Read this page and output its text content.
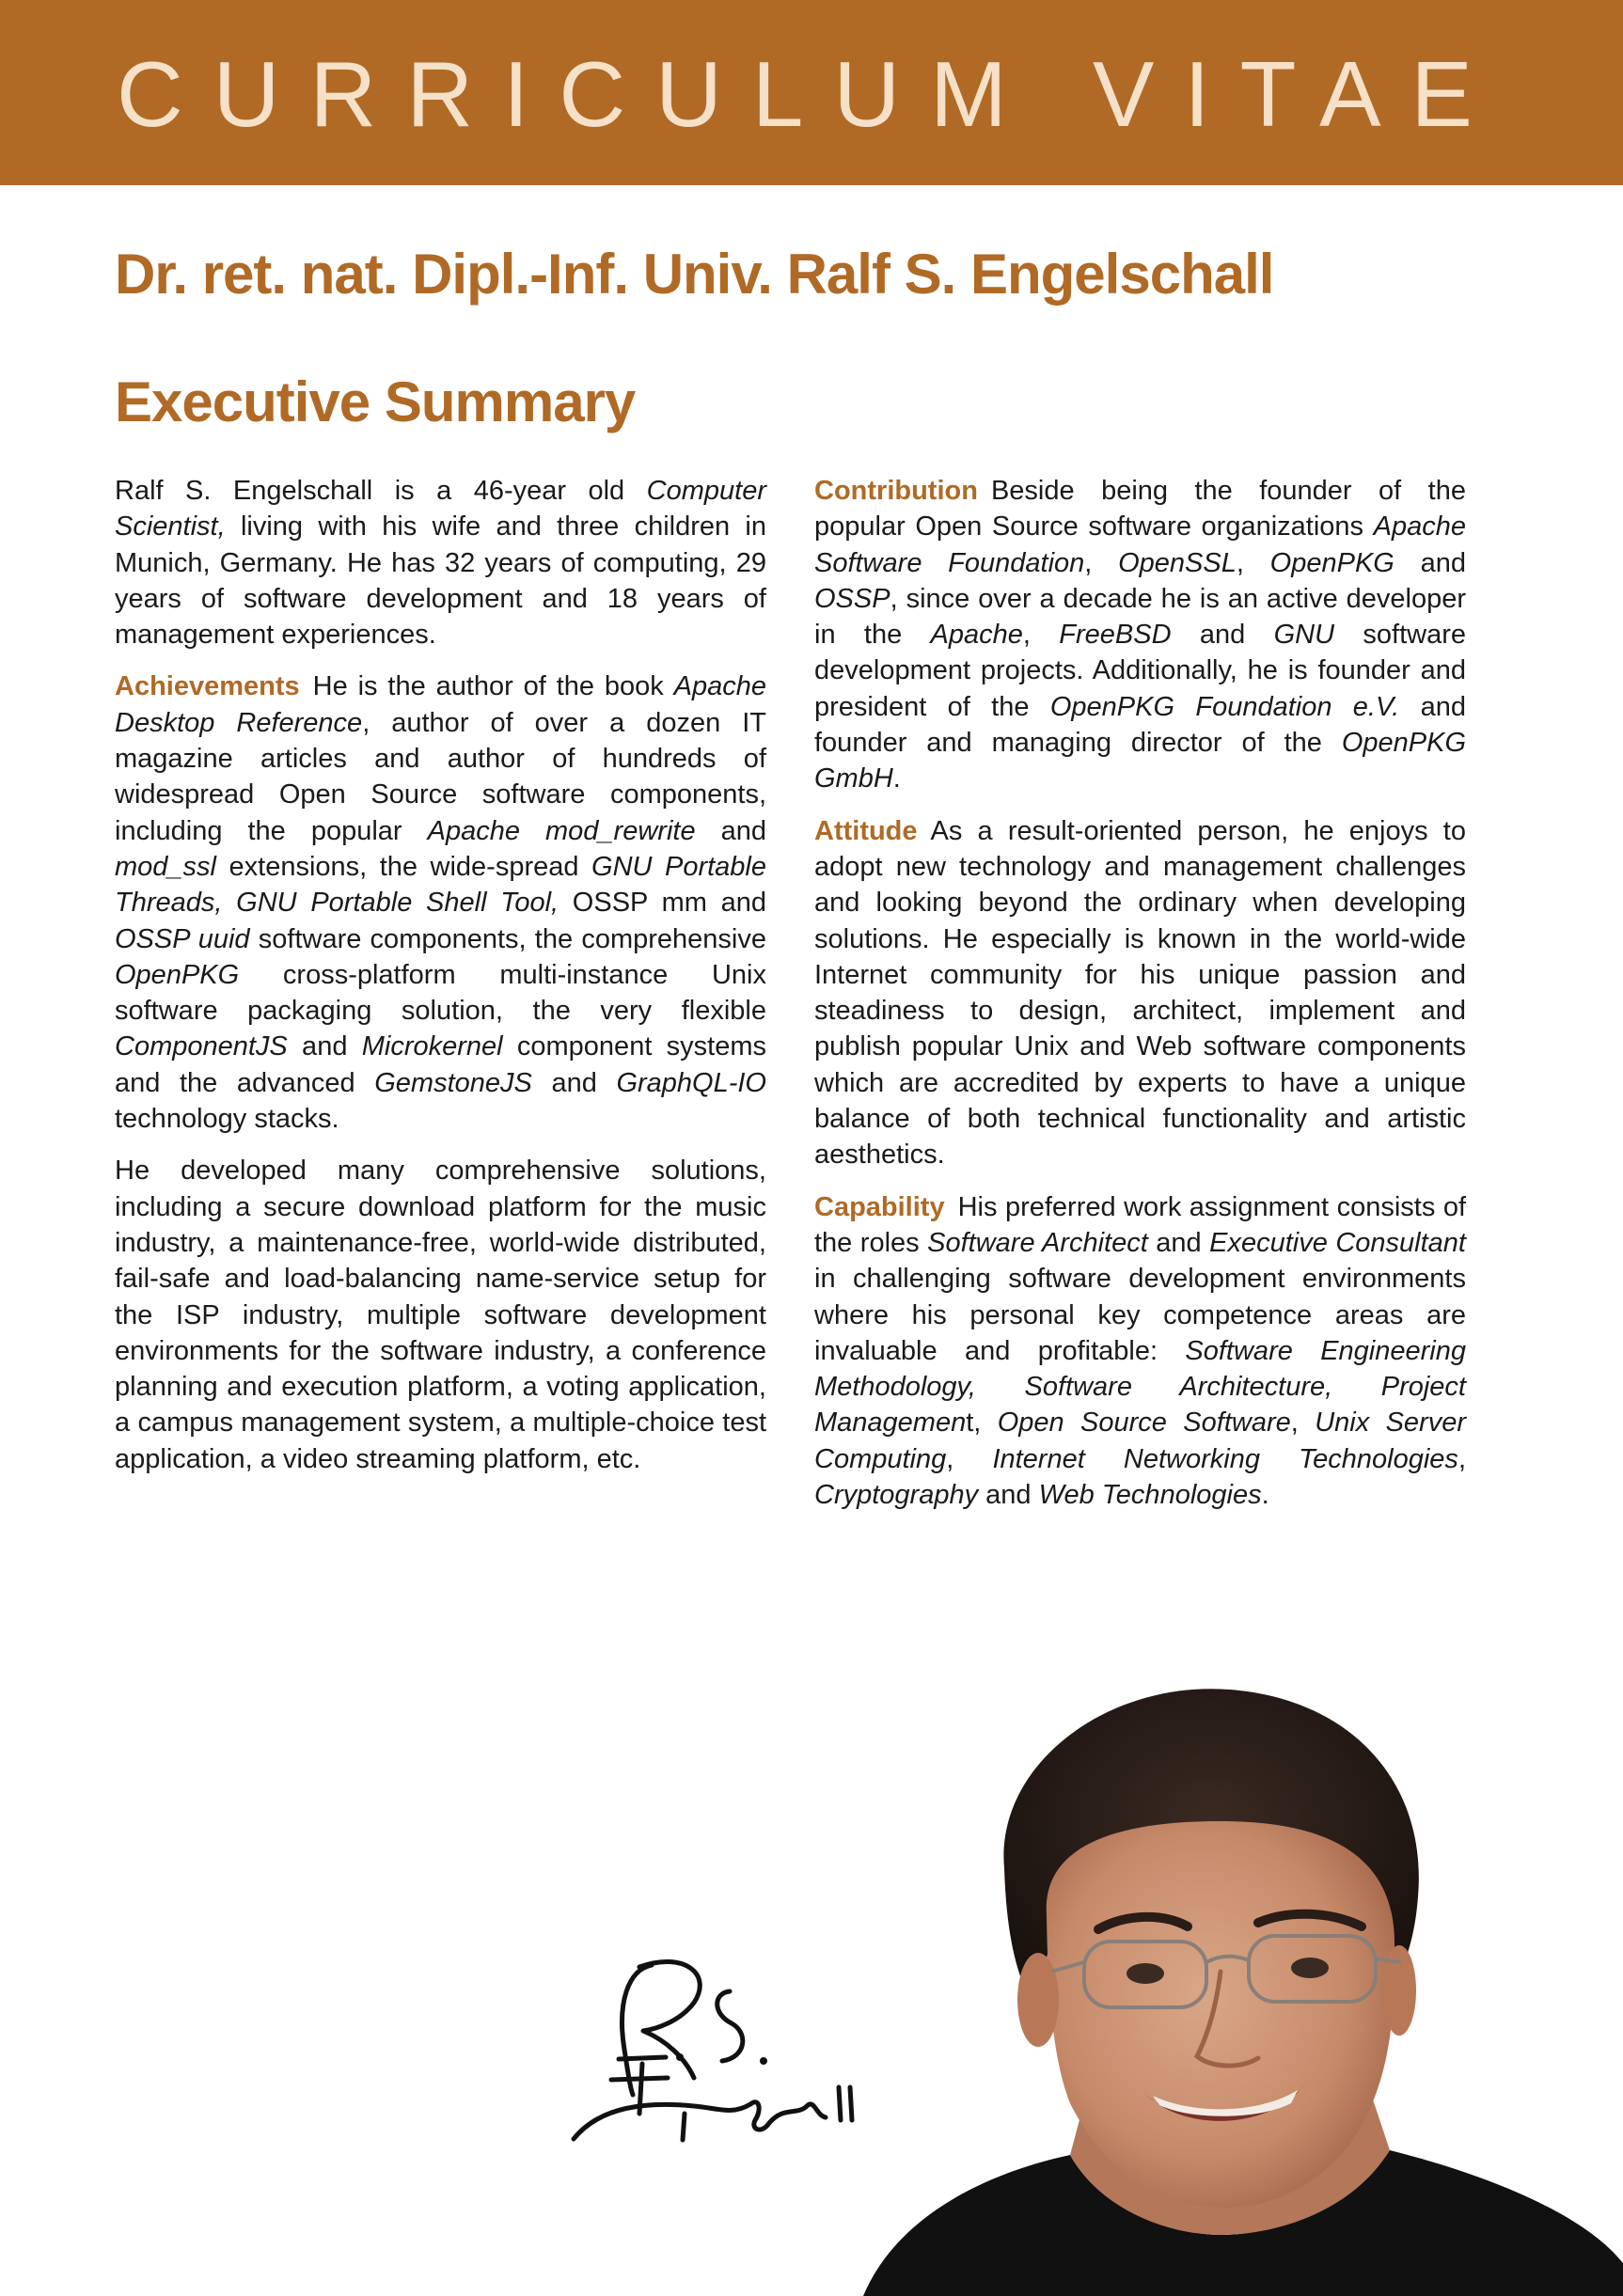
CURRICULUM VITAE
Dr. ret. nat. Dipl.-Inf. Univ. Ralf S. Engelschall
Executive Summary

Ralf S. Engelschall is a 46-year old Computer Scientist, living with his wife and three children in Munich, Germany. He has 32 years of computing, 29 years of software development and 18 years of management experiences.

Achievements He is the author of the book Apache Desktop Reference, author of over a dozen IT magazine articles and author of hundreds of widespread Open Source software components, including the popular Apache mod_rewrite and mod_ssl extensions, the wide-spread GNU Portable Threads, GNU Portable Shell Tool, OSSP mm and OSSP uuid software components, the comprehensive OpenPKG cross-platform multi-instance Unix software packaging solution, the very flexible ComponentJS and Microkernel component systems and the advanced GemstoneJS and GraphQL-IO technology stacks.

He developed many comprehensive solutions, including a secure download platform for the music industry, a maintenance-free, world-wide distributed, fail-safe and load-balancing name-service setup for the ISP industry, multiple software development environments for the software industry, a conference planning and execution platform, a voting application, a campus management system, a multiple-choice test application, a video streaming platform, etc.

Contribution Beside being the founder of the popular Open Source software organizations Apache Software Foundation, OpenSSL, OpenPKG and OSSP, since over a decade he is an active developer in the Apache, FreeBSD and GNU software development projects. Additionally, he is founder and president of the OpenPKG Foundation e.V. and founder and managing director of the OpenPKG GmbH.

Attitude As a result-oriented person, he enjoys to adopt new technology and management challenges and looking beyond the ordinary when developing solutions. He especially is known in the world-wide Internet community for his unique passion and steadiness to design, architect, implement and publish popular Unix and Web software components which are accredited by experts to have a unique balance of both technical functionality and artistic aesthetics.

Capability His preferred work assignment consists of the roles Software Architect and Executive Consultant in challenging software development environments where his personal key competence areas are invaluable and profitable: Software Engineering Methodology, Software Architecture, Project Management, Open Source Software, Unix Server Computing, Internet Networking Technologies, Cryptography and Web Technologies.
